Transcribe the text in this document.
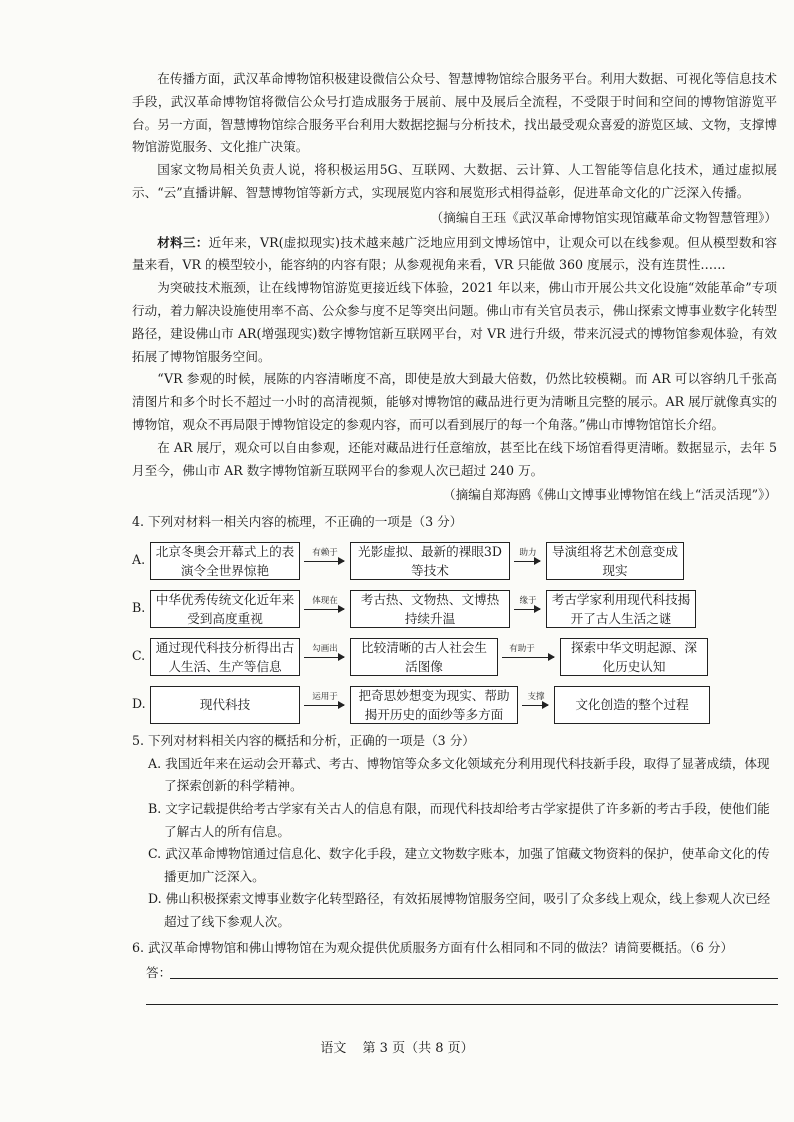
在传播方面，武汉革命博物馆积极建设微信公众号、智慧博物馆综合服务平台。利用大数据、可视化等信息技术手段，武汉革命博物馆将微信公众号打造成服务于展前、展中及展后全流程，不受限于时间和空间的博物馆游览平台。另一方面，智慧博物馆综合服务平台利用大数据挖掘与分析技术，找出最受观众喜爱的游览区域、文物，支撑博物馆游览服务、文化推广决策。

国家文物局相关负责人说，将积极运用5G、互联网、大数据、云计算、人工智能等信息化技术，通过虚拟展示、“云”直播讲解、智慧博物馆等新方式，实现展览内容和展览形式相得益彰，促进革命文化的广泛深入传播。

（摘编自王珏《武汉革命博物馆实现馆藏革命文物智慧管理》）

材料三：近年来，VR(虚拟现实)技术越来越广泛地应用到文博场馆中，让观众可以在线参观。但从模型数和容量来看，VR 的模型较小，能容纳的内容有限；从参观视角来看，VR 只能做 360 度展示，没有连贯性……

为突破技术瓶颈，让在线博物馆游览更接近线下体验，2021 年以来，佛山市开展公共文化设施“效能革命”专项行动，着力解决设施使用率不高、公众参与度不足等突出问题。佛山市有关官员表示，佛山探索文博事业数字化转型路径，建设佛山市 AR(增强现实)数字博物馆新互联网平台，对 VR 进行升级，带来沉浸式的博物馆参观体验，有效拓展了博物馆服务空间。

“VR 参观的时候，展陈的内容清晰度不高，即使是放大到最大倍数，仍然比较模糊。而 AR 可以容纳几千张高清图片和多个时长不超过一小时的高清视频，能够对博物馆的藏品进行更为清晰且完整的展示。AR 展厅就像真实的博物馆，观众不再局限于博物馆设定的参观内容，而可以看到展厅的每一个角落。”佛山市博物馆馆长介绍。

在 AR 展厅，观众可以自由参观，还能对藏品进行任意缩放，甚至比在线下场馆看得更清晰。数据显示，去年 5 月至今，佛山市 AR 数字博物馆新互联网平台的参观人次已超过 240 万。

（摘编自郑海鸥《佛山文博事业博物馆在线上“活灵活现”》）
4. 下列对材料一相关内容的梳理，不正确的一项是（3 分）
A.
北京冬奥会开幕式上的表演令全世界惊艳
有赖于	光影虚拟、最新的裸眼3D 等技术
助力	导演组将艺术创意变成现实
B.
中华优秀传统文化近年来受到高度重视
体现在	考古热、文物热、文博热持续升温
缘于	考古学家利用现代科技揭开了古人生活之谜
C.
通过现代科技分析得出古人生活、生产等信息
勾画出	比较清晰的古人社会生活图像
有助于	探索中华文明起源、深化历史认知
D.	现代科技
运用于	把奇思妙想变为现实、帮助揭开历史的面纱等多方面
支撑
文化创造的整个过程
5. 下列对材料相关内容的概括和分析，正确的一项是（3 分）
A. 我国近年来在运动会开幕式、考古、博物馆等众多文化领域充分利用现代科技新手段，取得了显著成绩，体现了探索创新的科学精神。
B. 文字记载提供给考古学家有关古人的信息有限，而现代科技却给考古学家提供了许多新的考古手段，使他们能了解古人的所有信息。
C. 武汉革命博物馆通过信息化、数字化手段，建立文物数字账本，加强了馆藏文物资料的保护，使革命文化的传播更加广泛深入。
D. 佛山积极探索文博事业数字化转型路径，有效拓展博物馆服务空间，吸引了众多线上观众，线上参观人次已经超过了线下参观人次。
6. 武汉革命博物馆和佛山博物馆在为观众提供优质服务方面有什么相同和不同的做法？请简要概括。（6 分）
答：
语文 第 3 页（共 8 页）
